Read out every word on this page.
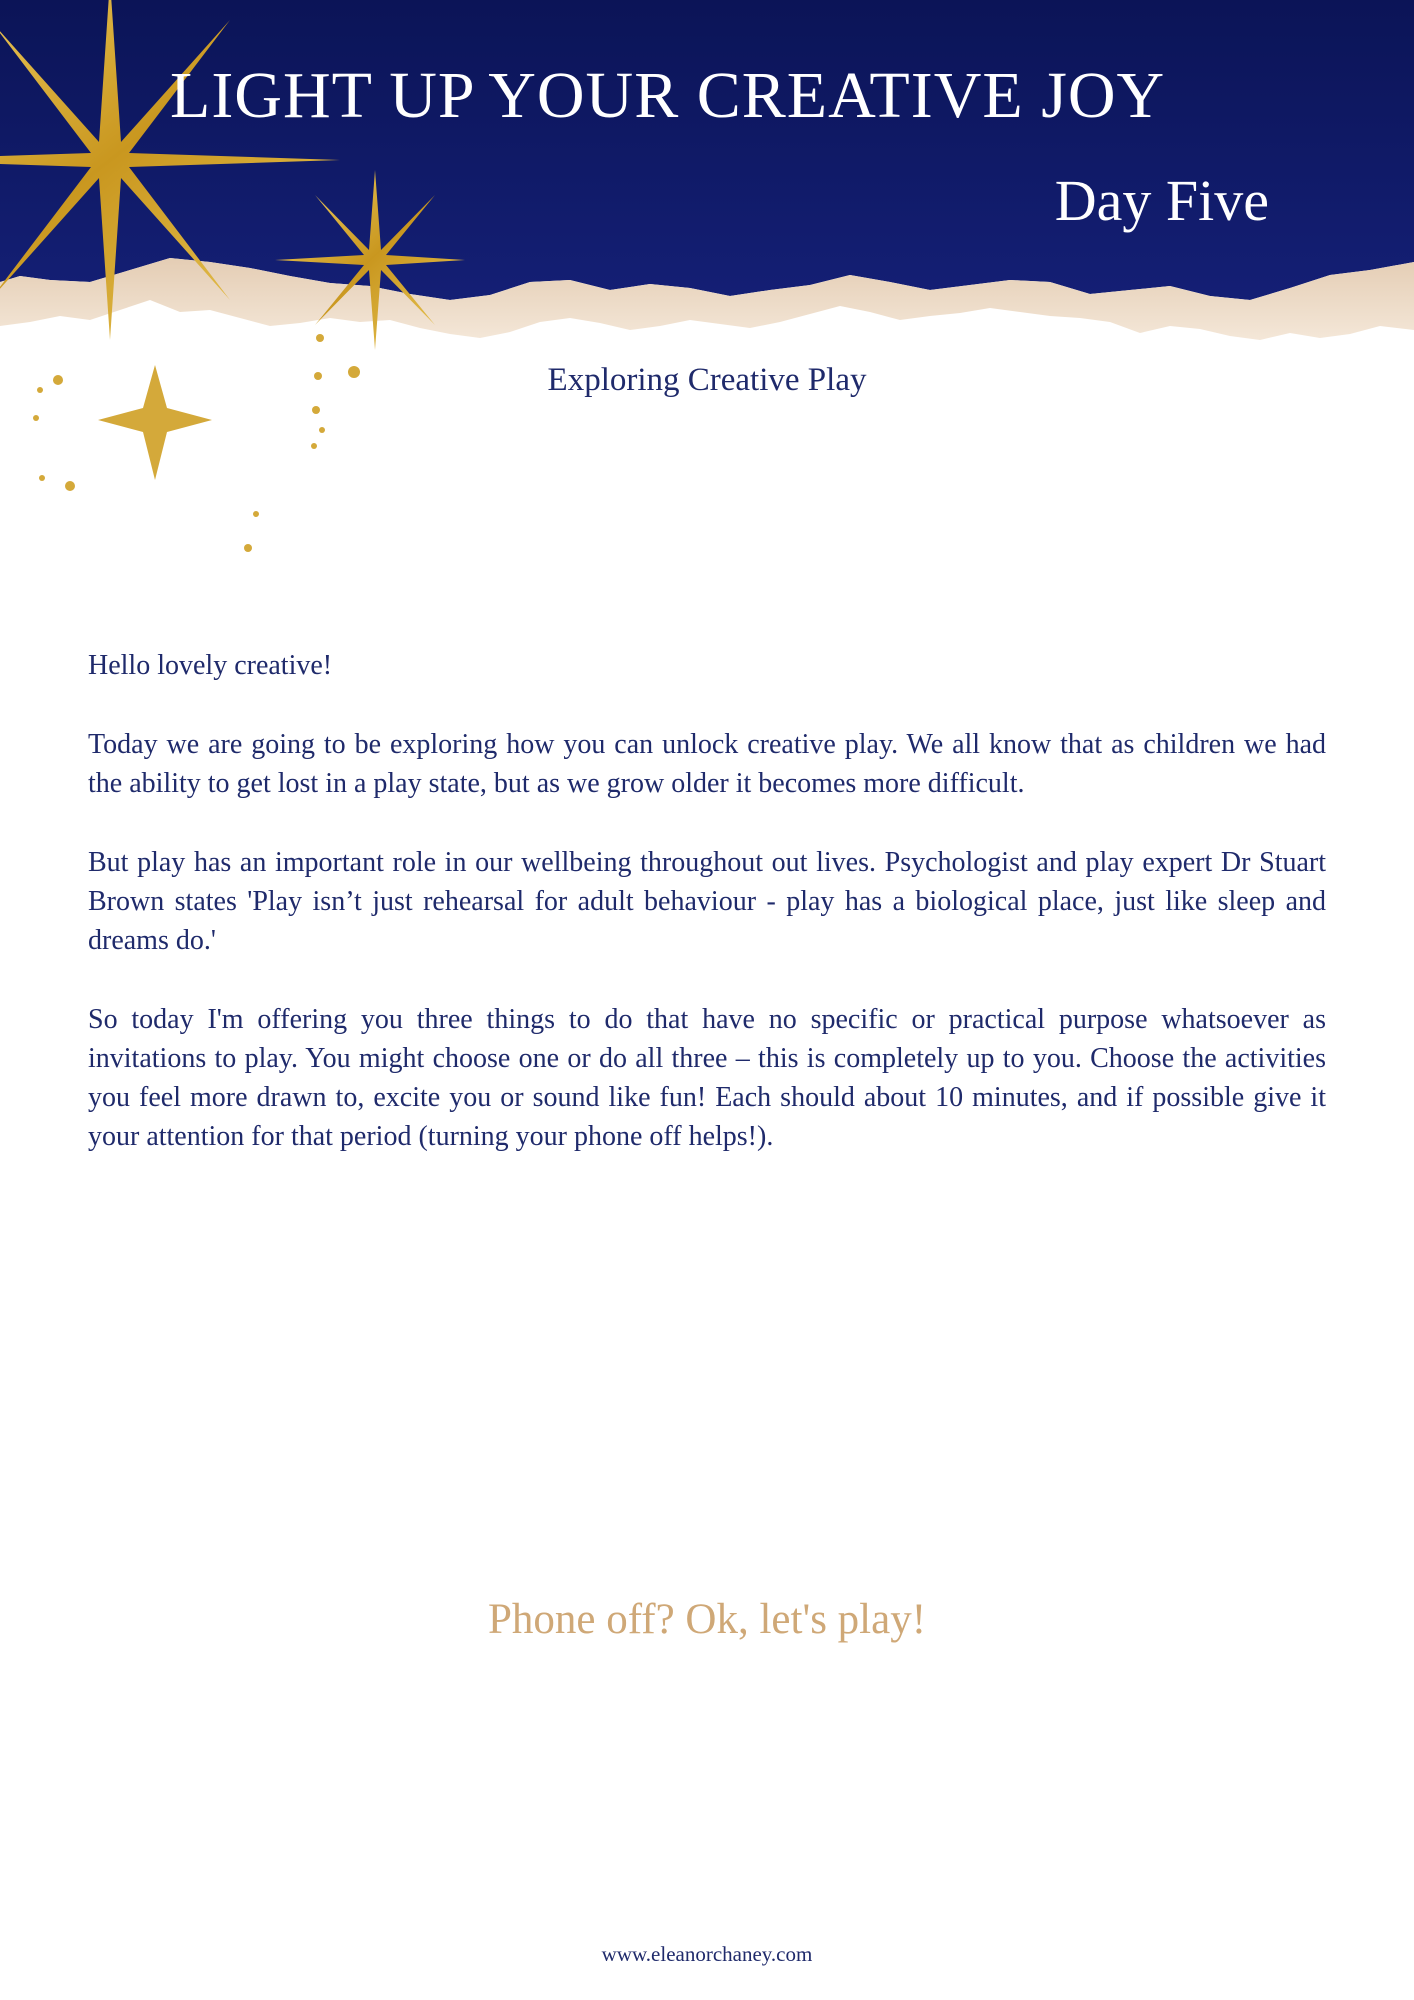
LIGHT UP YOUR CREATIVE JOY
Day Five
Exploring Creative Play

Hello lovely creative!

Today we are going to be exploring how you can unlock creative play. We all know that as children we had the ability to get lost in a play state, but as we grow older it becomes more difficult.

But play has an important role in our wellbeing throughout out lives. Psychologist and play expert Dr Stuart Brown states 'Play isn’t just rehearsal for adult behaviour - play has a biological place, just like sleep and dreams do.'

So today I'm offering you three things to do that have no specific or practical purpose whatsoever as invitations to play. You might choose one or do all three – this is completely up to you. Choose the activities you feel more drawn to, excite you or sound like fun! Each should about 10 minutes, and if possible give it your attention for that period (turning your phone off helps!).

Phone off? Ok, let's play!
www.eleanorchaney.com
